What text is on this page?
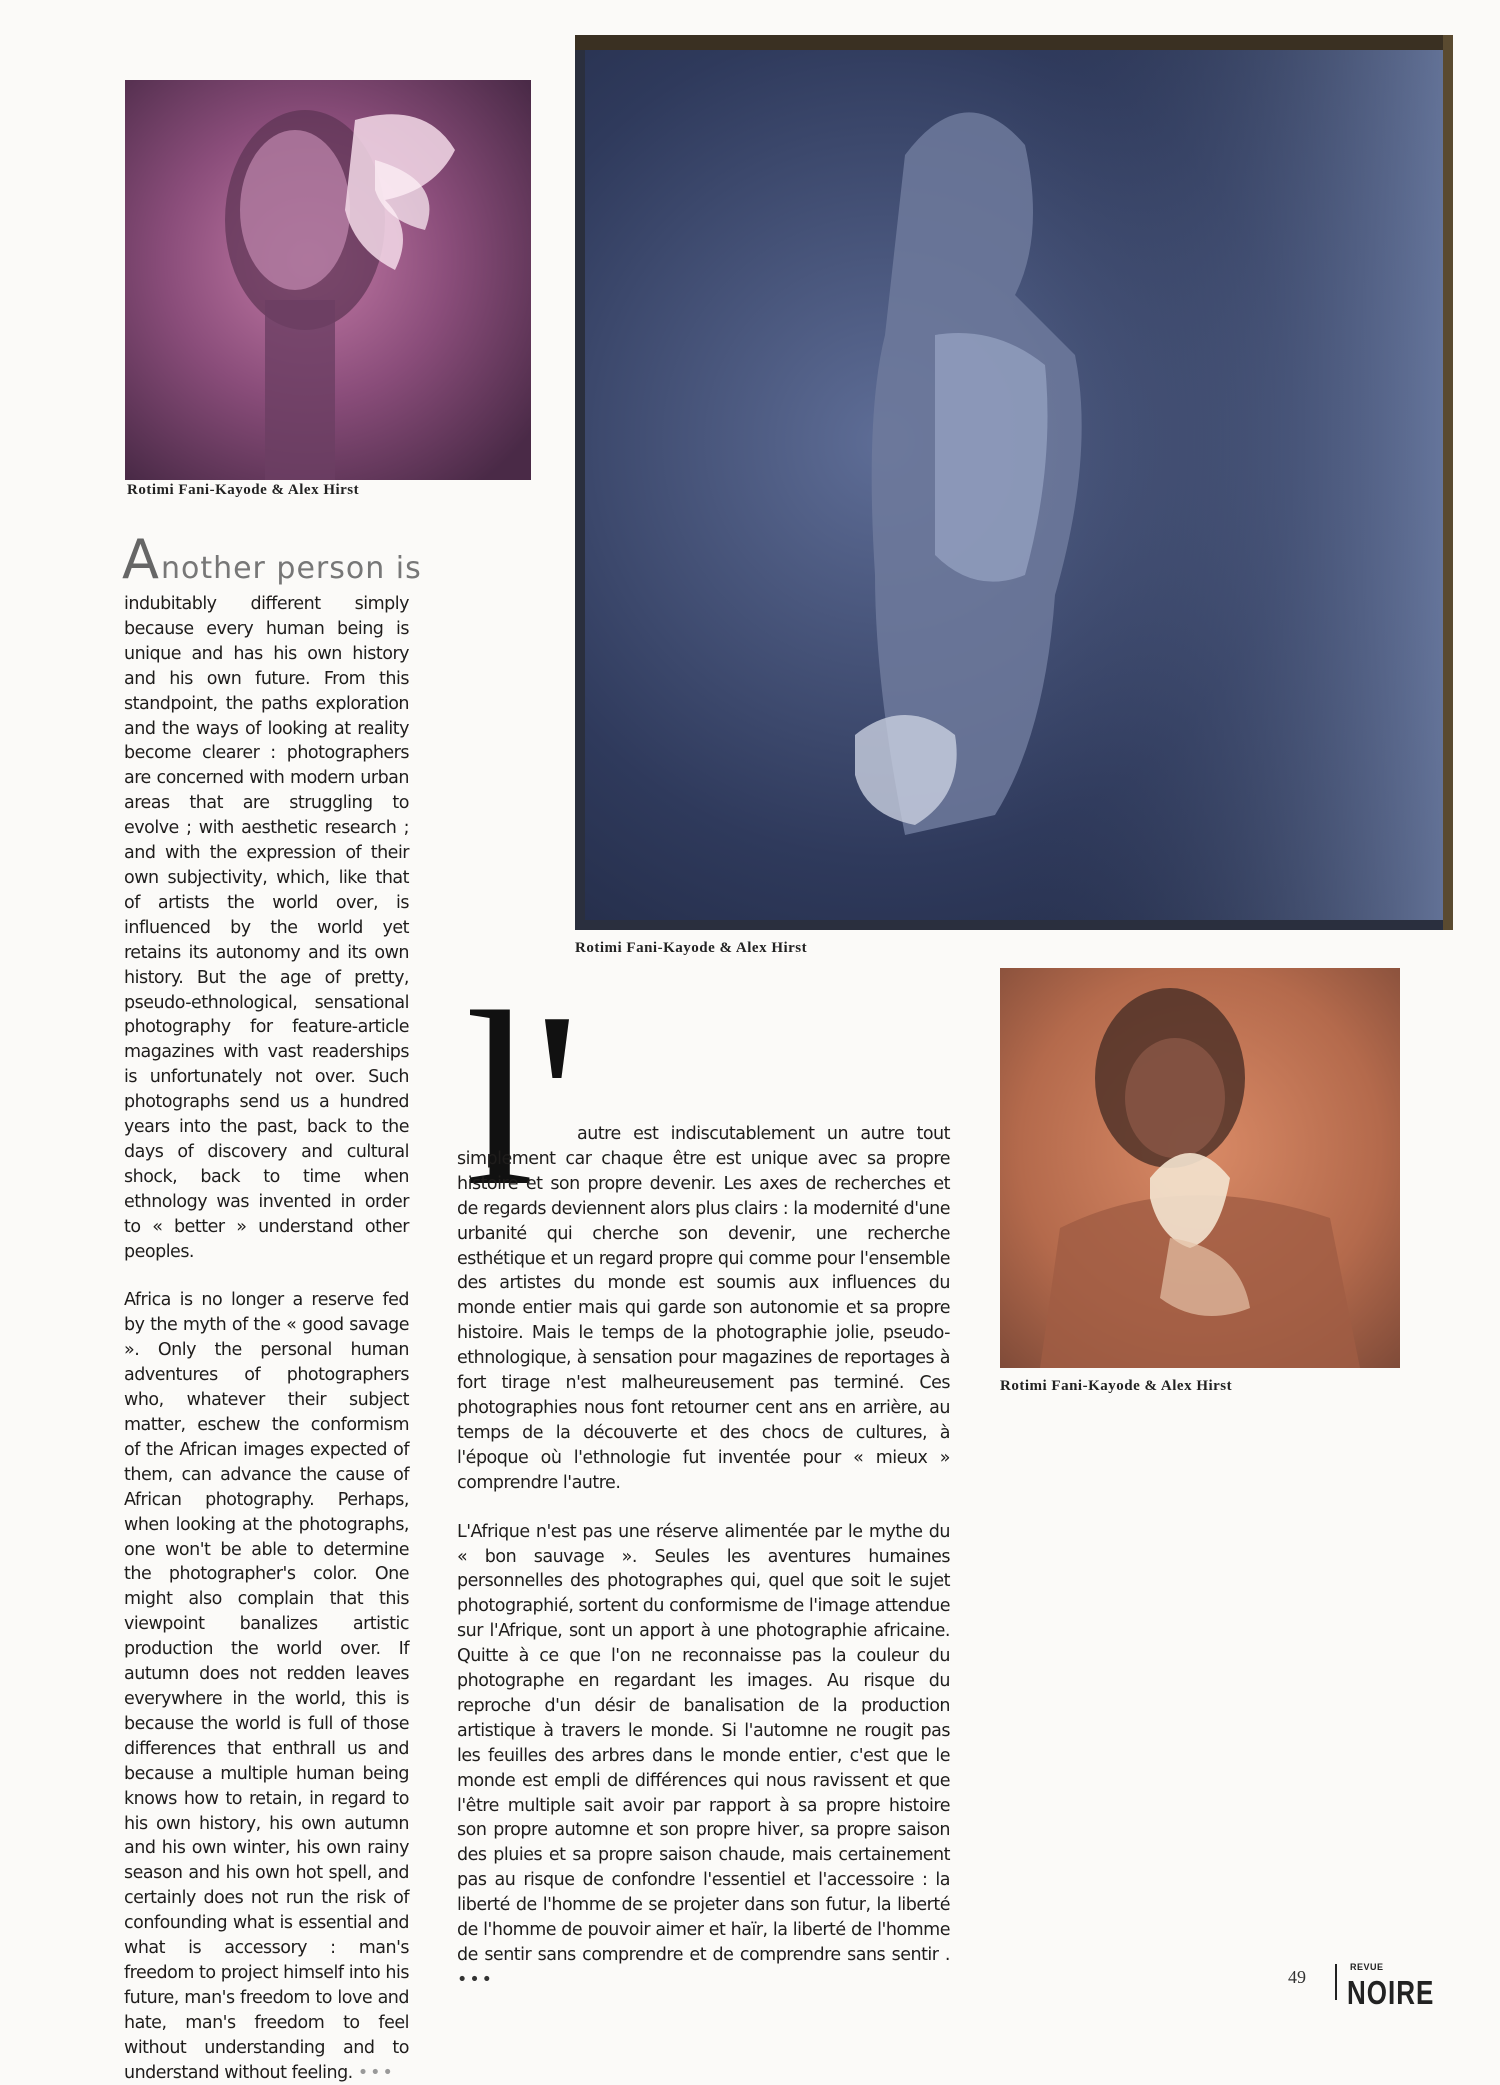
Rotimi Fani-Kayode & Alex Hirst
Rotimi Fani-Kayode & Alex Hirst
Rotimi Fani-Kayode & Alex Hirst
Another person is

indubitably different simply because every human being is unique and has his own history and his own future. From this standpoint, the paths exploration and the ways of looking at reality become clearer : photographers are concerned with modern urban areas that are struggling to evolve ; with aesthetic research ; and with the expression of their own subjectivity, which, like that of artists the world over, is influenced by the world yet retains its autonomy and its own history. But the age of pretty, pseudo-ethnological, sensational photography for feature-article magazines with vast readerships is unfortunately not over. Such photographs send us a hundred years into the past, back to the days of discovery and cultural shock, back to time when ethnology was invented in order to « better » understand other peoples.

Africa is no longer a reserve fed by the myth of the « good savage ». Only the personal human adventures of photographers who, whatever their subject matter, eschew the conformism of the African images expected of them, can advance the cause of African photography. Perhaps, when looking at the photographs, one won't be able to determine the photographer's color. One might also complain that this viewpoint banalizes artistic production the world over. If autumn does not redden leaves everywhere in the world, this is because the world is full of those differences that enthrall us and because a multiple human being knows how to retain, in regard to his own history, his own autumn and his own winter, his own rainy season and his own hot spell, and certainly does not run the risk of confounding what is essential and what is accessory : man's freedom to project himself into his future, man's freedom to love and hate, man's freedom to feel without understanding and to understand without feeling. •••

l'

autre est indiscutablement un autre tout simplement car chaque être est unique avec sa propre histoire et son propre devenir. Les axes de recherches et de regards deviennent alors plus clairs : la modernité d'une urbanité qui cherche son devenir, une recherche esthétique et un regard propre qui comme pour l'ensemble des artistes du monde est soumis aux influences du monde entier mais qui garde son autonomie et sa propre histoire. Mais le temps de la photographie jolie, pseudo-ethnologique, à sensation pour magazines de reportages à fort tirage n'est malheureusement pas terminé. Ces photographies nous font retourner cent ans en arrière, au temps de la découverte et des chocs de cultures, à l'époque où l'ethnologie fut inventée pour « mieux » comprendre l'autre.

L'Afrique n'est pas une réserve alimentée par le mythe du « bon sauvage ». Seules les aventures humaines personnelles des photographes qui, quel que soit le sujet photographié, sortent du conformisme de l'image attendue sur l'Afrique, sont un apport à une photographie africaine. Quitte à ce que l'on ne reconnaisse pas la couleur du photographe en regardant les images. Au risque du reproche d'un désir de banalisation de la production artistique à travers le monde. Si l'automne ne rougit pas les feuilles des arbres dans le monde entier, c'est que le monde est empli de différences qui nous ravissent et que l'être multiple sait avoir par rapport à sa propre histoire son propre automne et son propre hiver, sa propre saison des pluies et sa propre saison chaude, mais certainement pas au risque de confondre l'essentiel et l'accessoire : la liberté de l'homme de se projeter dans son futur, la liberté de l'homme de pouvoir aimer et haïr, la liberté de l'homme de sentir sans comprendre et de comprendre sans sentir . •••	49	REVUE
NOIRE
